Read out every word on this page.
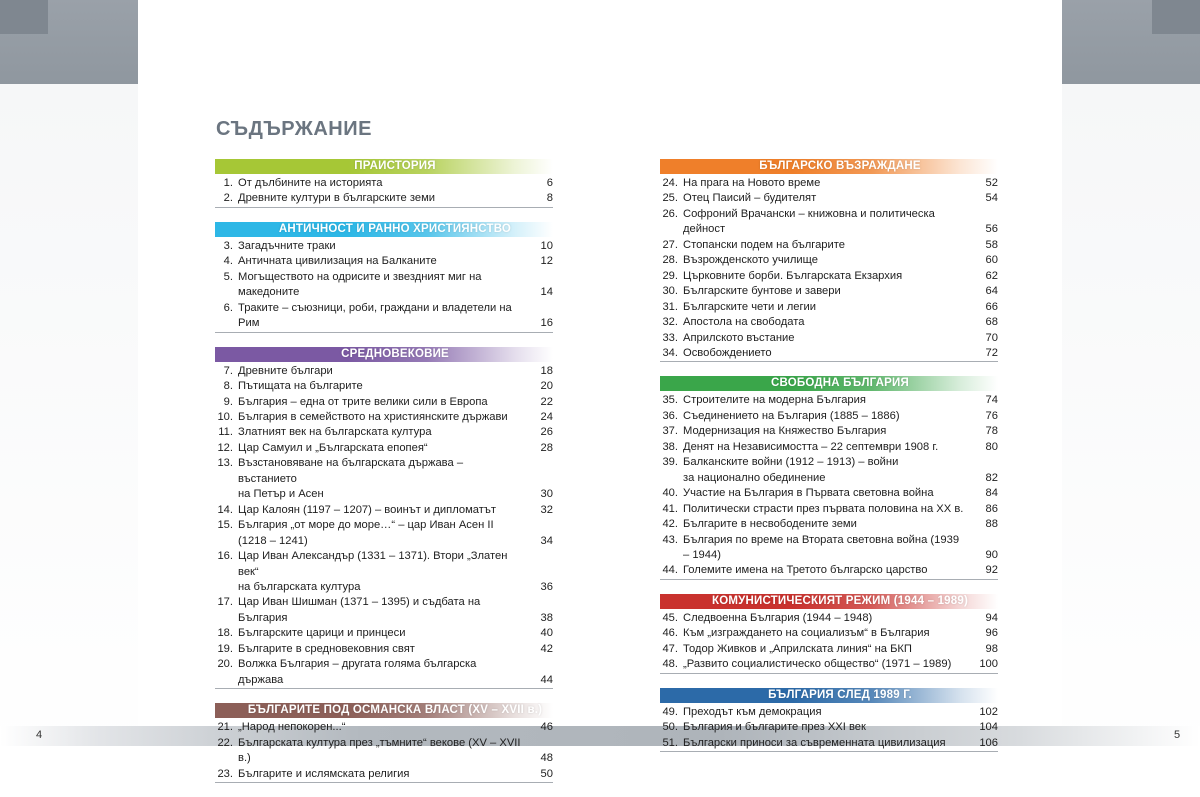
4	5
СЪДЪРЖАНИЕ
ПРАИСТОРИЯ
1. От дълбините на историята	6
2. Древните култури в българските земи	8
АНТИЧНОСТ И РАННО ХРИСТИЯНСТВО
3. Загадъчните траки	10
4. Античната цивилизация на Балканите	12
5. Могъществото на одрисите и звездният миг на македоните	14
6. Траките – съюзници, роби, граждани и владетели на Рим	16
СРЕДНОВЕКОВИЕ
7. Древните българи	18
8. Пътищата на българите	20
9. България – една от трите велики сили в Европа	22
10. България в семейството на християнските държави	24
11. Златният век на българската култура	26
12. Цар Самуил и „Българската епопея“	28
13. Възстановяване на българската държава – въстанието
на Петър и Асен	30
14. Цар Калоян (1197 – 1207) – воинът и дипломатът	32
15. България „от море до море…“ – цар Иван Асен II (1218 – 1241)	34
16. Цар Иван Александър (1331 – 1371). Втори „Златен век“
на българската култура	36
17. Цар Иван Шишман (1371 – 1395) и съдбата на България	38
18. Българските царици и принцеси	40
19. Българите в средновековния свят	42
20. Волжка България – другата голяма българска държава	44
БЪЛГАРИТЕ ПОД ОСМАНСКА ВЛАСТ (XV – XVII в.)
21. „Народ непокорен...“	46
22. Българската култура през „тъмните“ векове (XV – XVII в.)	48
23. Българите и ислямската религия	50
БЪЛГАРСКО ВЪЗРАЖДАНЕ
24. На прага на Новото време	52
25. Отец Паисий – будителят	54
26. Софроний Врачански – книжовна и политическа дейност	56
27. Стопански подем на българите	58
28. Възрожденското училище	60
29. Църковните борби. Българската Екзархия	62
30. Българските бунтове и завери	64
31. Българските чети и легии	66
32. Апостола на свободата	68
33. Априлското въстание	70
34. Освобождението	72
СВОБОДНА БЪЛГАРИЯ
35. Строителите на модерна България	74
36. Съединението на България (1885 – 1886)	76
37. Модернизация на Княжество България	78
38. Денят на Независимостта – 22 септември 1908 г.	80
39. Балканските войни (1912 – 1913) – войни
за национално обединение	82
40. Участие на България в Първата световна война	84
41. Политически страсти през първата половина на XX в.	86
42. Българите в несвободените земи	88
43. България по време на Втората световна война (1939 – 1944)	90
44. Големите имена на Третото българско царство	92
КОМУНИСТИЧЕСКИЯТ РЕЖИМ (1944 – 1989)
45. Следвоенна България (1944 – 1948)	94
46. Към „изграждането на социализъм“ в България	96
47. Тодор Живков и „Априлската линия“ на БКП	98
48. „Развито социалистическо общество“ (1971 – 1989)	100
БЪЛГАРИЯ СЛЕД 1989 Г.
49. Преходът към демокрация	102
50. България и българите през XXI век	104
51. Български приноси за съвременната цивилизация	106
